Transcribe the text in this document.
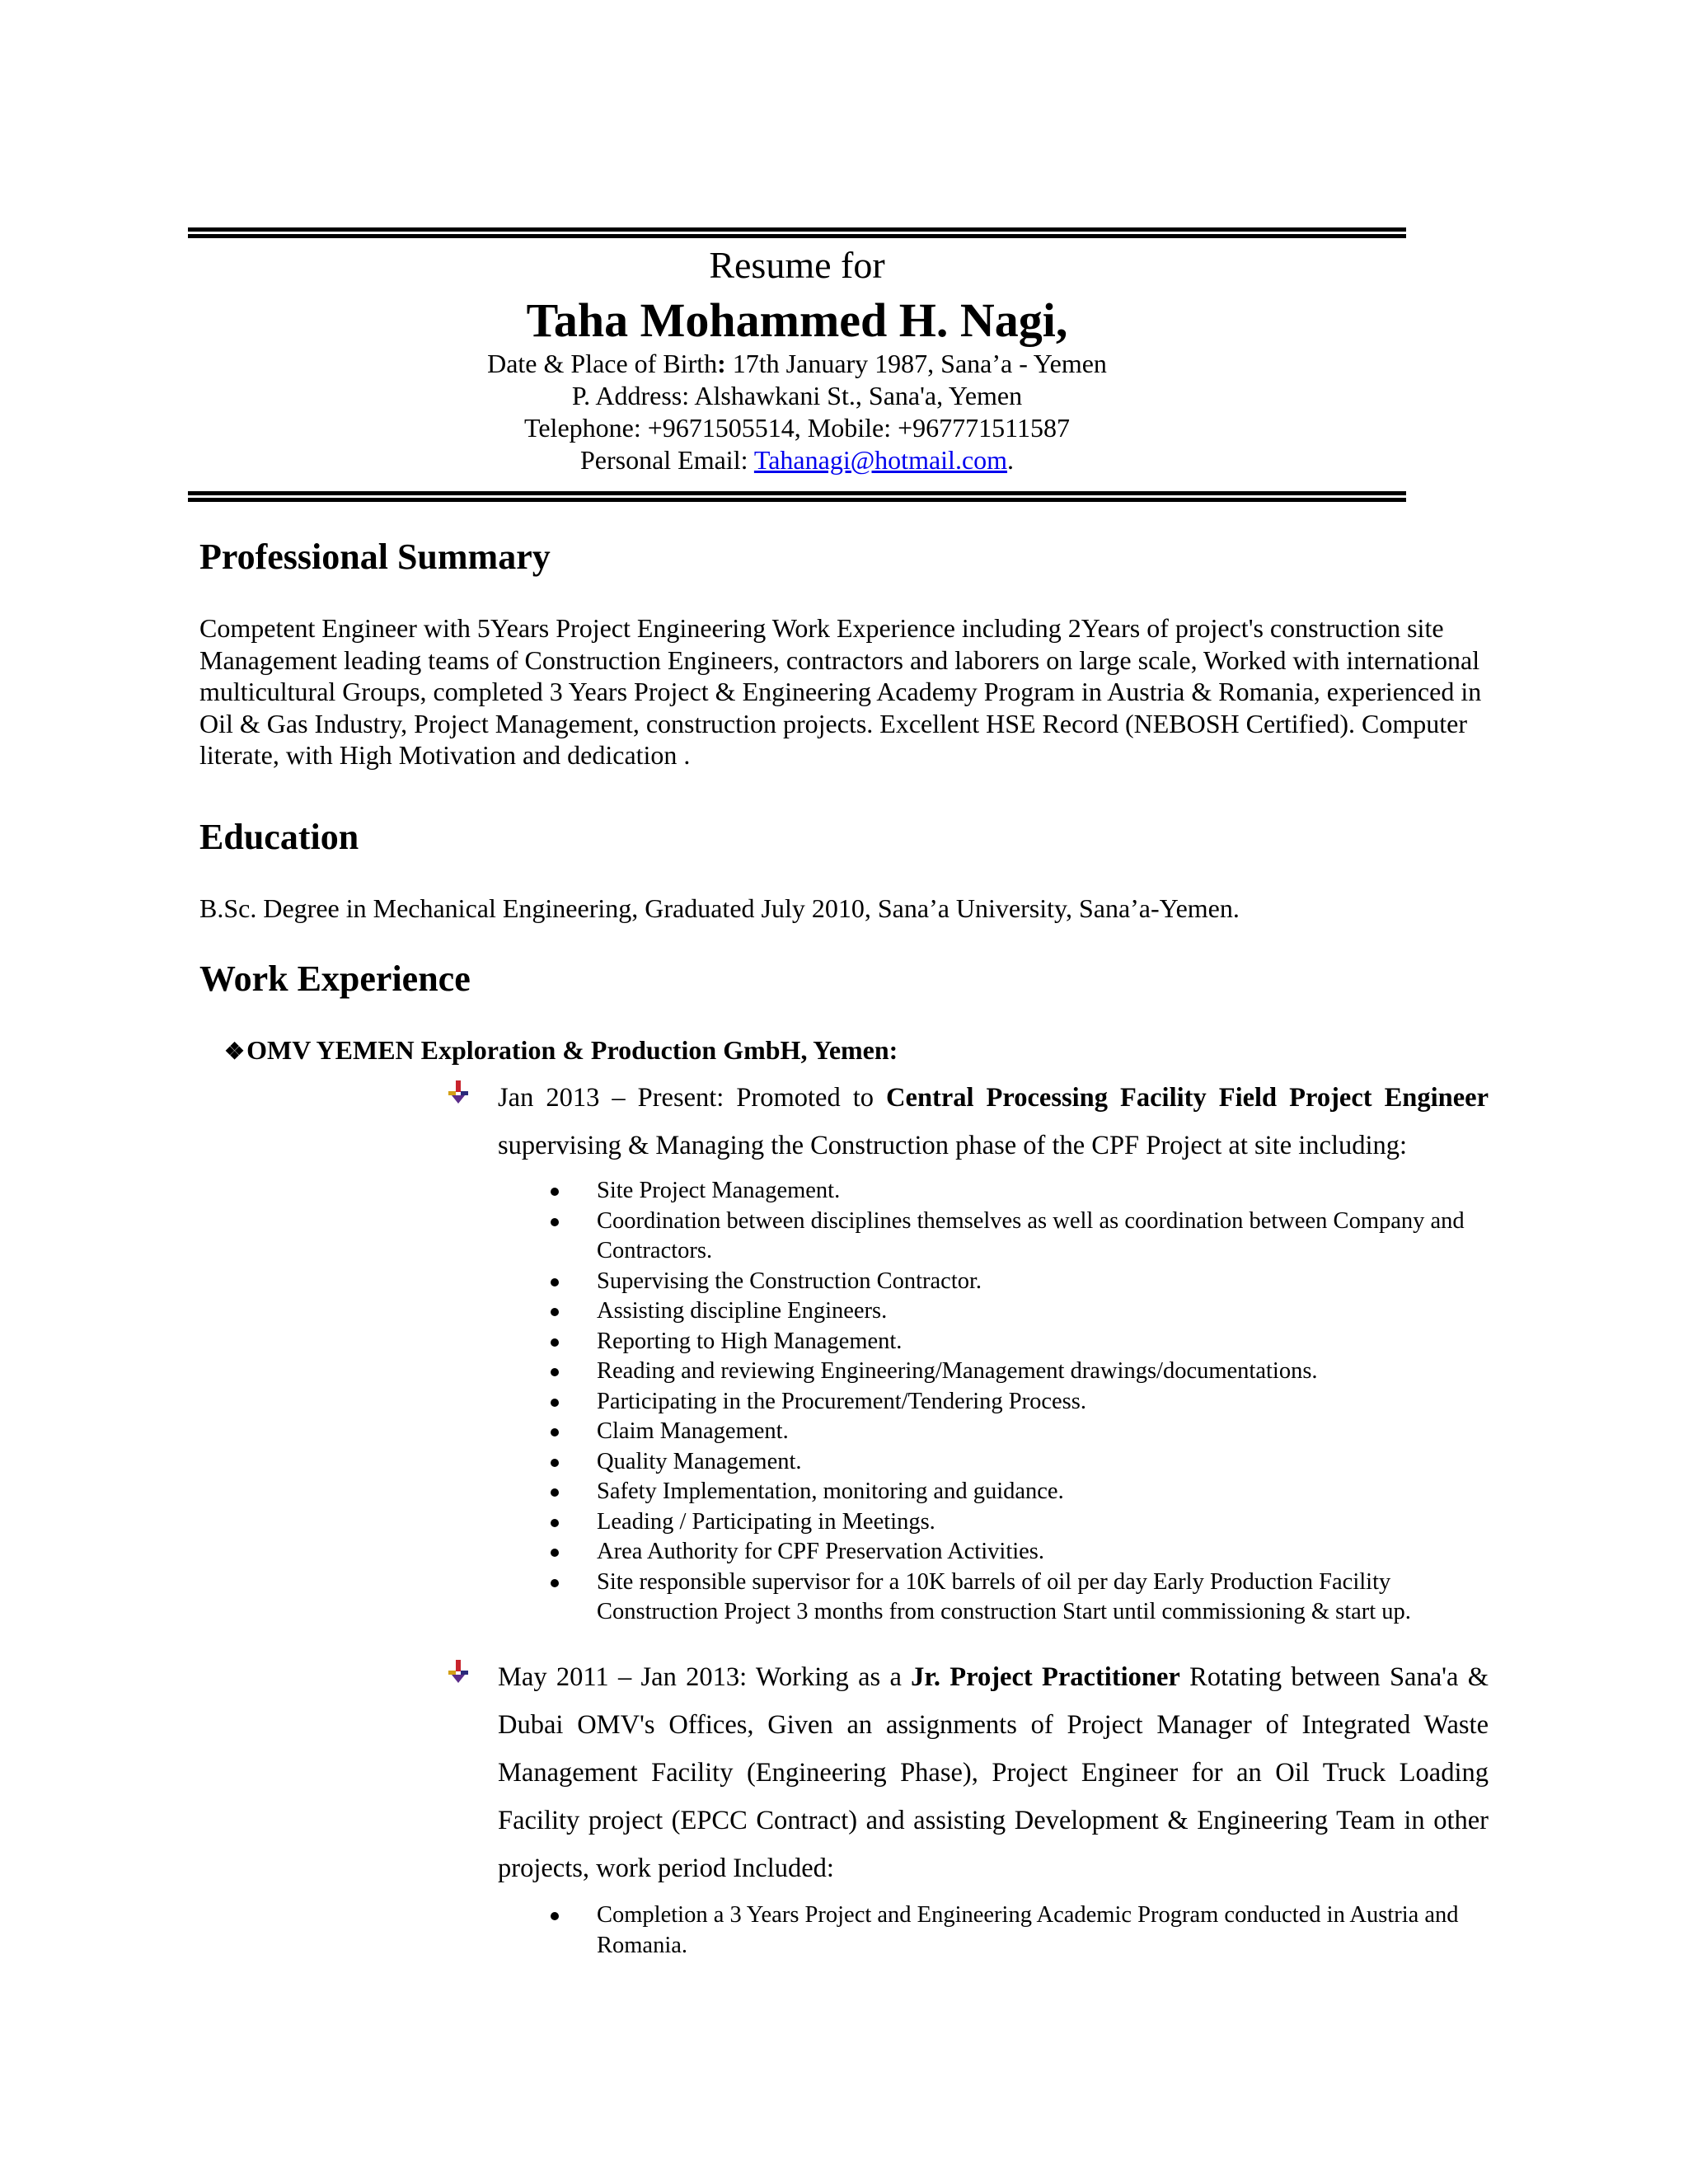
Resume for
Taha Mohammed H. Nagi,
Date & Place of Birth: 17th January 1987, Sana’a - Yemen
P. Address: Alshawkani St., Sana'a, Yemen
Telephone: +9671505514, Mobile: +967771511587
Personal Email: Tahanagi@hotmail.com.
Professional Summary
Competent Engineer with 5Years Project Engineering Work Experience including 2Years of project's construction site Management leading teams of Construction Engineers, contractors and laborers on large scale, Worked with international multicultural Groups, completed 3 Years Project & Engineering Academy Program in Austria & Romania, experienced in Oil & Gas Industry, Project Management, construction projects. Excellent HSE Record (NEBOSH Certified). Computer literate, with High Motivation and dedication .
Education
B.Sc. Degree in Mechanical Engineering, Graduated July 2010, Sana’a University, Sana’a-Yemen.
Work Experience
❖OMV YEMEN Exploration & Production GmbH, Yemen:
Jan 2013 – Present: Promoted to Central Processing Facility Field Project Engineer supervising & Managing the Construction phase of the CPF Project at site including:
Site Project Management.
Coordination between disciplines themselves as well as coordination between Company and Contractors.
Supervising the Construction Contractor.
Assisting discipline Engineers.
Reporting to High Management.
Reading and reviewing Engineering/Management drawings/documentations.
Participating in the Procurement/Tendering Process.
Claim Management.
Quality Management.
Safety Implementation, monitoring and guidance.
Leading / Participating in Meetings.
Area Authority for CPF Preservation Activities.
Site responsible supervisor for a 10K barrels of oil per day Early Production Facility Construction Project 3 months from construction Start until commissioning & start up.
May 2011 – Jan 2013: Working as a Jr. Project Practitioner Rotating between Sana'a & Dubai OMV's Offices, Given an assignments of Project Manager of Integrated Waste Management Facility (Engineering Phase), Project Engineer for an Oil Truck Loading Facility project (EPCC Contract) and assisting Development & Engineering Team in other projects, work period Included:
Completion a 3 Years Project and Engineering Academic Program conducted in Austria and Romania.
